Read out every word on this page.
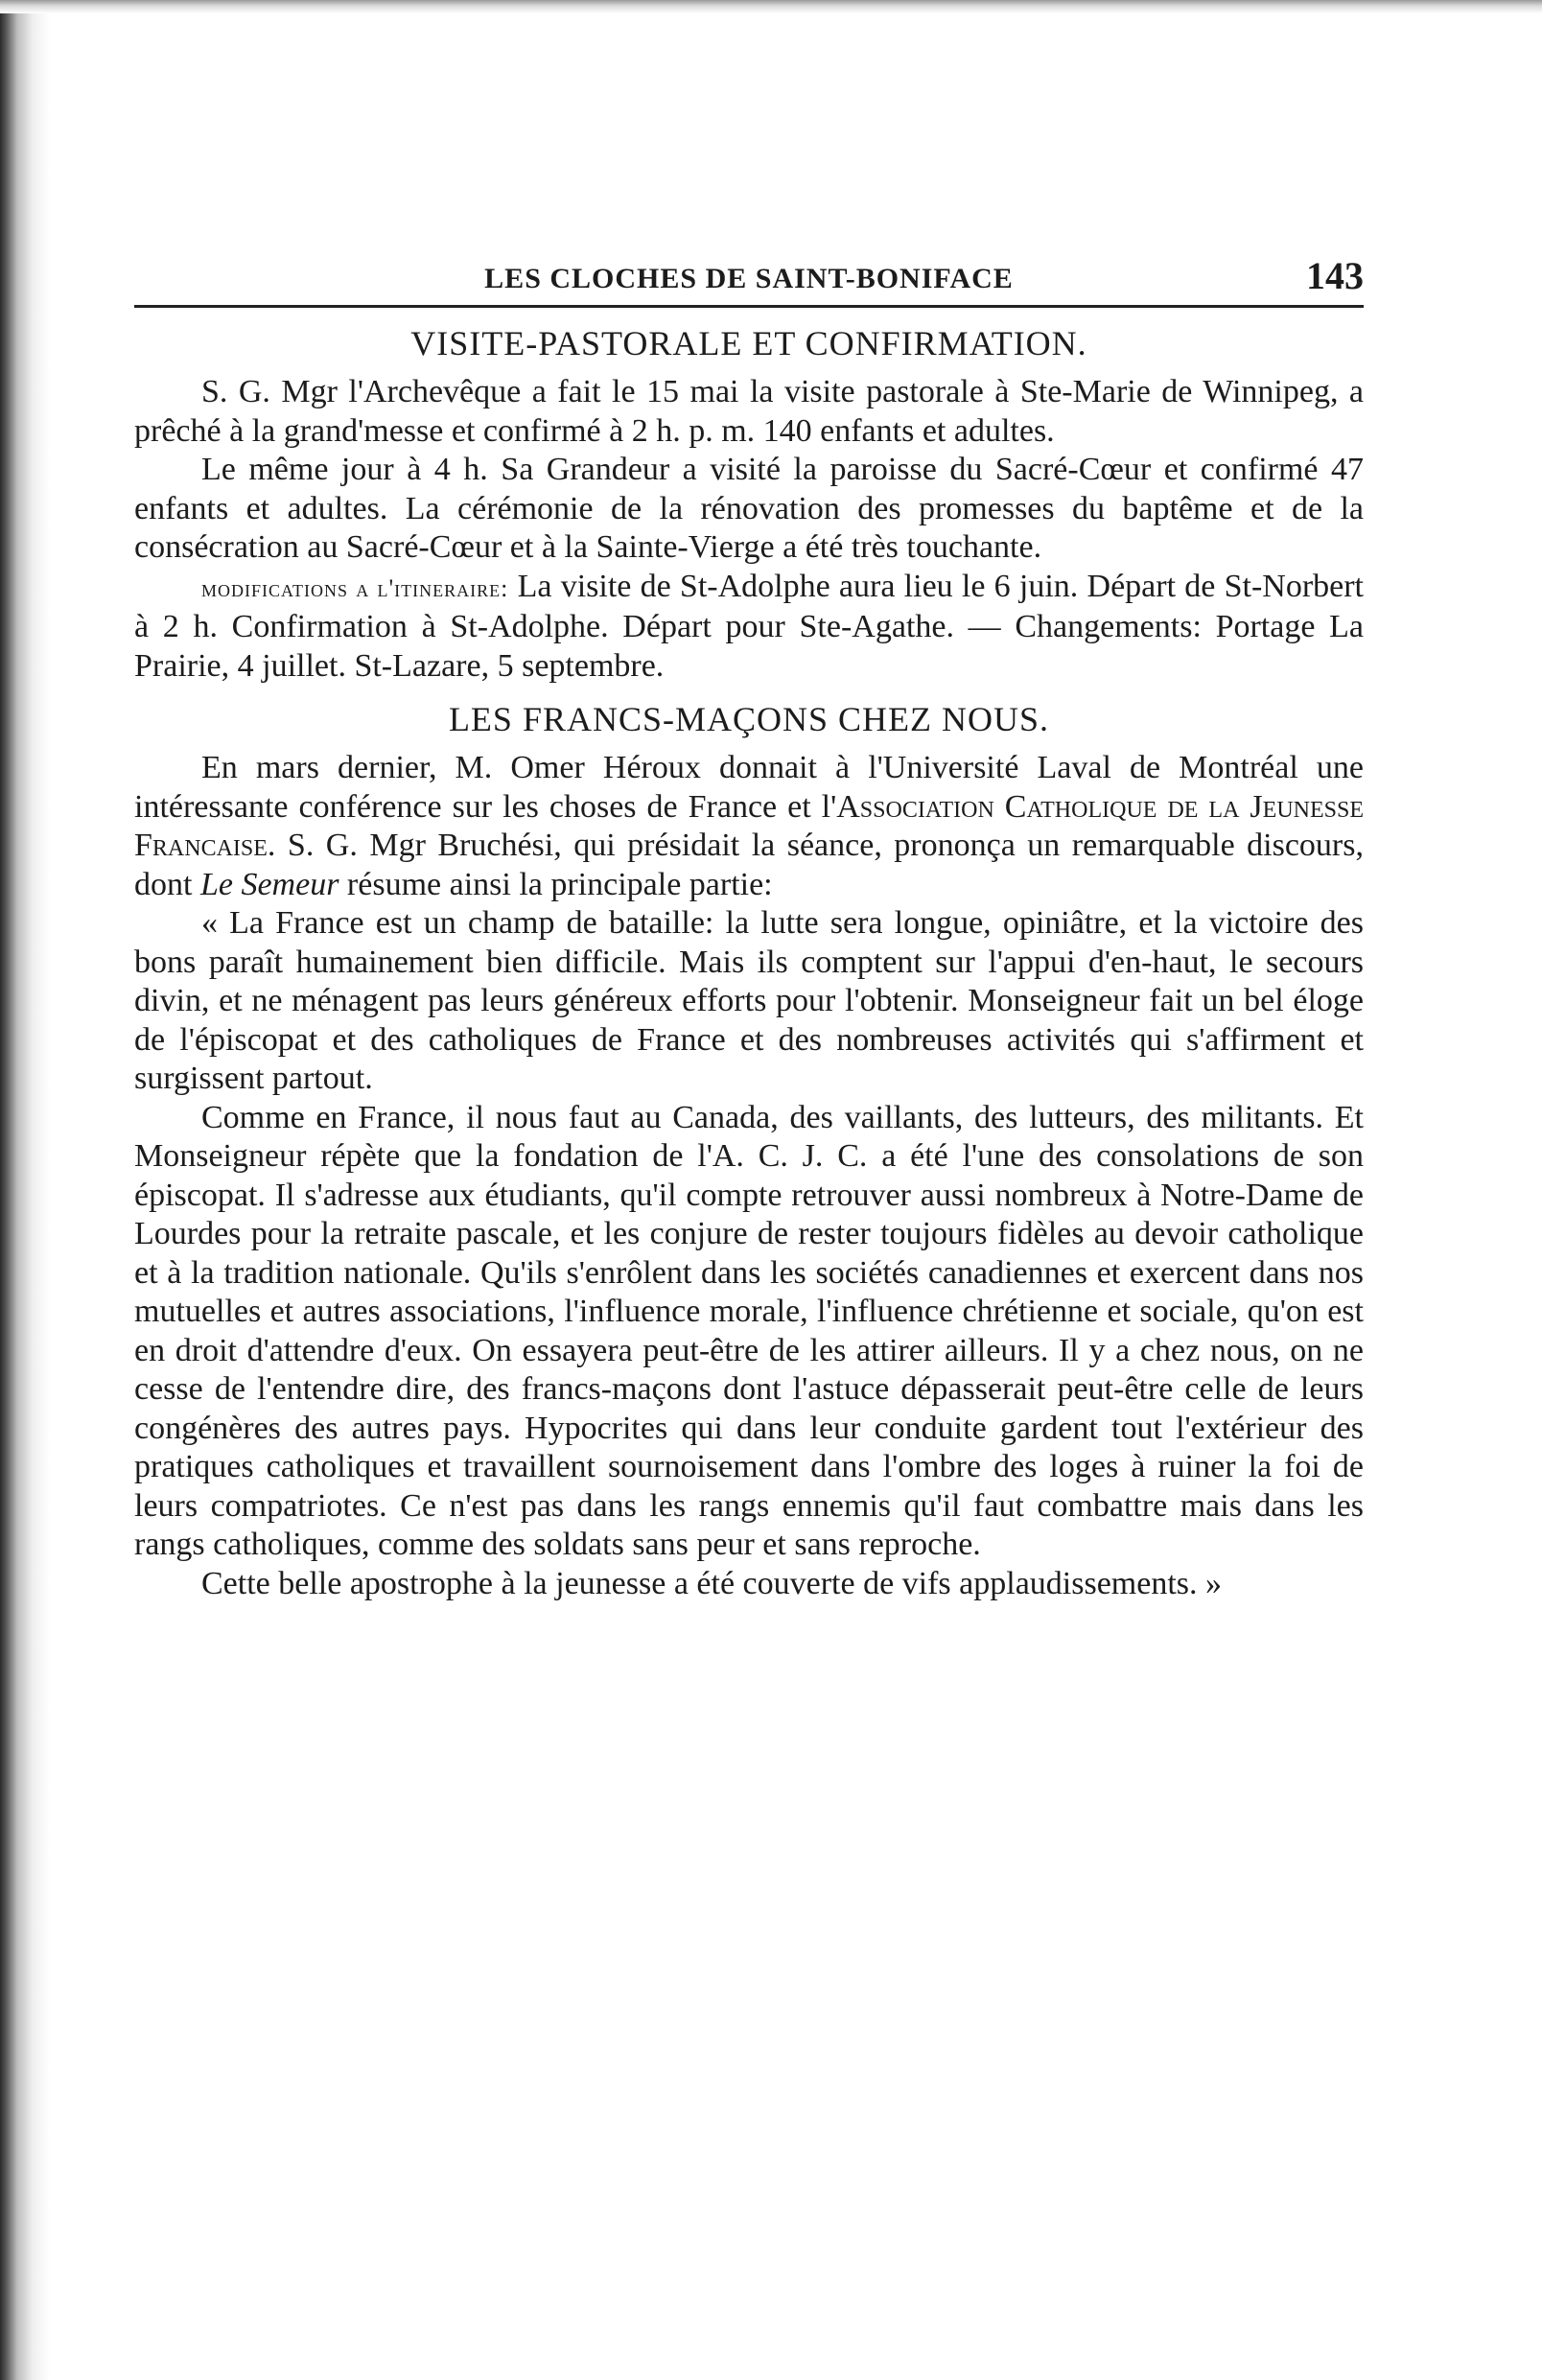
LES CLOCHES DE SAINT-BONIFACE	143
VISITE-PASTORALE ET CONFIRMATION.

S. G. Mgr l'Archevêque a fait le 15 mai la visite pastorale à Ste-Marie de Winnipeg, a prêché à la grand'messe et confirmé à 2 h. p. m. 140 enfants et adultes.

Le même jour à 4 h. Sa Grandeur a visité la paroisse du Sacré-Cœur et confirmé 47 enfants et adultes. La cérémonie de la rénovation des promesses du baptême et de la consécration au Sacré-Cœur et à la Sainte-Vierge a été très touchante.

modifications a l'itineraire: La visite de St-Adolphe aura lieu le 6 juin. Départ de St-Norbert à 2 h. Confirmation à St-Adolphe. Départ pour Ste-Agathe. — Changements: Portage La Prairie, 4 juillet. St-Lazare, 5 septembre.

LES FRANCS-MAÇONS CHEZ NOUS.

En mars dernier, M. Omer Héroux donnait à l'Université Laval de Montréal une intéressante conférence sur les choses de France et l'Association Catholique de la Jeunesse Francaise. S. G. Mgr Bruchési, qui présidait la séance, prononça un remarquable discours, dont Le Semeur résume ainsi la principale partie:

« La France est un champ de bataille: la lutte sera longue, opiniâtre, et la victoire des bons paraît humainement bien difficile. Mais ils comptent sur l'appui d'en-haut, le secours divin, et ne ménagent pas leurs généreux efforts pour l'obtenir. Monseigneur fait un bel éloge de l'épiscopat et des catholiques de France et des nombreuses activités qui s'affirment et surgissent partout.

Comme en France, il nous faut au Canada, des vaillants, des lutteurs, des militants. Et Monseigneur répète que la fondation de l'A. C. J. C. a été l'une des consolations de son épiscopat. Il s'adresse aux étudiants, qu'il compte retrouver aussi nombreux à Notre-Dame de Lourdes pour la retraite pascale, et les conjure de rester toujours fidèles au devoir catholique et à la tradition nationale. Qu'ils s'enrôlent dans les sociétés canadiennes et exercent dans nos mutuelles et autres associations, l'influence morale, l'influence chrétienne et sociale, qu'on est en droit d'attendre d'eux. On essayera peut-être de les attirer ailleurs. Il y a chez nous, on ne cesse de l'entendre dire, des francs-maçons dont l'astuce dépasserait peut-être celle de leurs congénères des autres pays. Hypocrites qui dans leur conduite gardent tout l'extérieur des pratiques catholiques et travaillent sournoisement dans l'ombre des loges à ruiner la foi de leurs compatriotes. Ce n'est pas dans les rangs ennemis qu'il faut combattre mais dans les rangs catholiques, comme des soldats sans peur et sans reproche.

Cette belle apostrophe à la jeunesse a été couverte de vifs applaudissements. »
